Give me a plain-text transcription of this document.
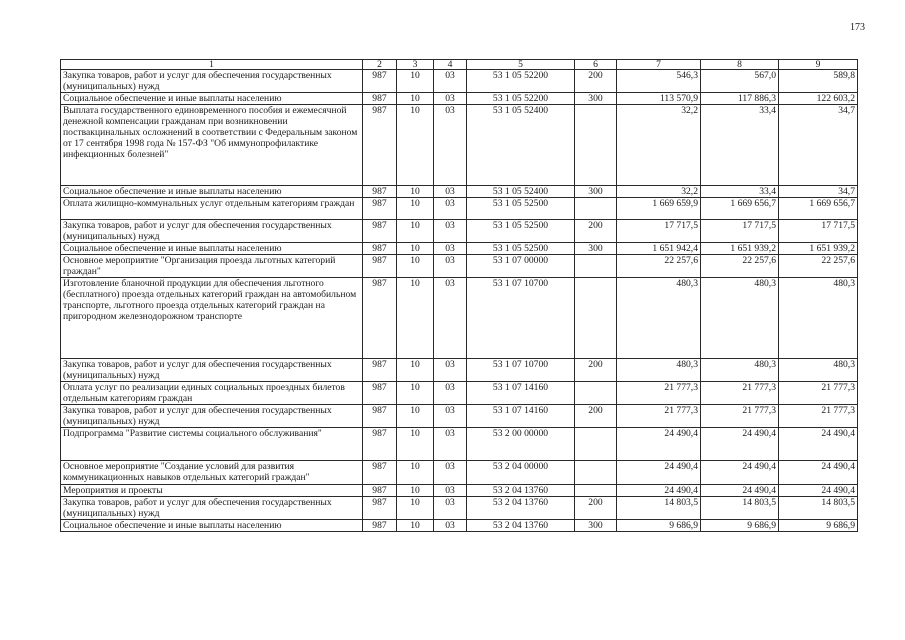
173
1	2	3	4	5	6	7	8	9
Закупка товаров, работ и услуг для обеспечения государственных (муниципальных) нужд	987	10	03	53 1 05 52200	200	546,3	567,0	589,8
Социальное обеспечение и иные выплаты населению	987	10	03	53 1 05 52200	300	113 570,9	117 886,3	122 603,2
Выплата государственного единовременного пособия и ежемесячной денежной компенсации гражданам при возникновении поствакцинальных осложнений в соответствии с Федеральным законом от 17 сентября 1998 года № 157-ФЗ "Об иммунопрофилактике инфекционных болезней"	987	10	03	53 1 05 52400		32,2	33,4	34,7
Социальное обеспечение и иные выплаты населению	987	10	03	53 1 05 52400	300	32,2	33,4	34,7
Оплата жилищно-коммунальных услуг отдельным категориям граждан	987	10	03	53 1 05 52500		1 669 659,9	1 669 656,7	1 669 656,7
Закупка товаров, работ и услуг для обеспечения государственных (муниципальных) нужд	987	10	03	53 1 05 52500	200	17 717,5	17 717,5	17 717,5
Социальное обеспечение и иные выплаты населению	987	10	03	53 1 05 52500	300	1 651 942,4	1 651 939,2	1 651 939,2
Основное мероприятие "Организация проезда льготных категорий граждан"	987	10	03	53 1 07 00000		22 257,6	22 257,6	22 257,6
Изготовление бланочной продукции для обеспечения льготного (бесплатного) проезда отдельных категорий граждан на автомобильном транспорте, льготного проезда отдельных категорий граждан на пригородном железнодорожном транспорте	987	10	03	53 1 07 10700		480,3	480,3	480,3
Закупка товаров, работ и услуг для обеспечения государственных (муниципальных) нужд	987	10	03	53 1 07 10700	200	480,3	480,3	480,3
Оплата услуг по реализации единых социальных проездных билетов отдельным категориям граждан	987	10	03	53 1 07 14160		21 777,3	21 777,3	21 777,3
Закупка товаров, работ и услуг для обеспечения государственных (муниципальных) нужд	987	10	03	53 1 07 14160	200	21 777,3	21 777,3	21 777,3
Подпрограмма "Развитие системы социального обслуживания"	987	10	03	53 2 00 00000		24 490,4	24 490,4	24 490,4
Основное мероприятие "Создание условий для развития коммуникационных навыков отдельных категорий граждан"	987	10	03	53 2 04 00000		24 490,4	24 490,4	24 490,4
Мероприятия и проекты	987	10	03	53 2 04 13760		24 490,4	24 490,4	24 490,4
Закупка товаров, работ и услуг для обеспечения государственных (муниципальных) нужд	987	10	03	53 2 04 13760	200	14 803,5	14 803,5	14 803,5
Социальное обеспечение и иные выплаты населению	987	10	03	53 2 04 13760	300	9 686,9	9 686,9	9 686,9
